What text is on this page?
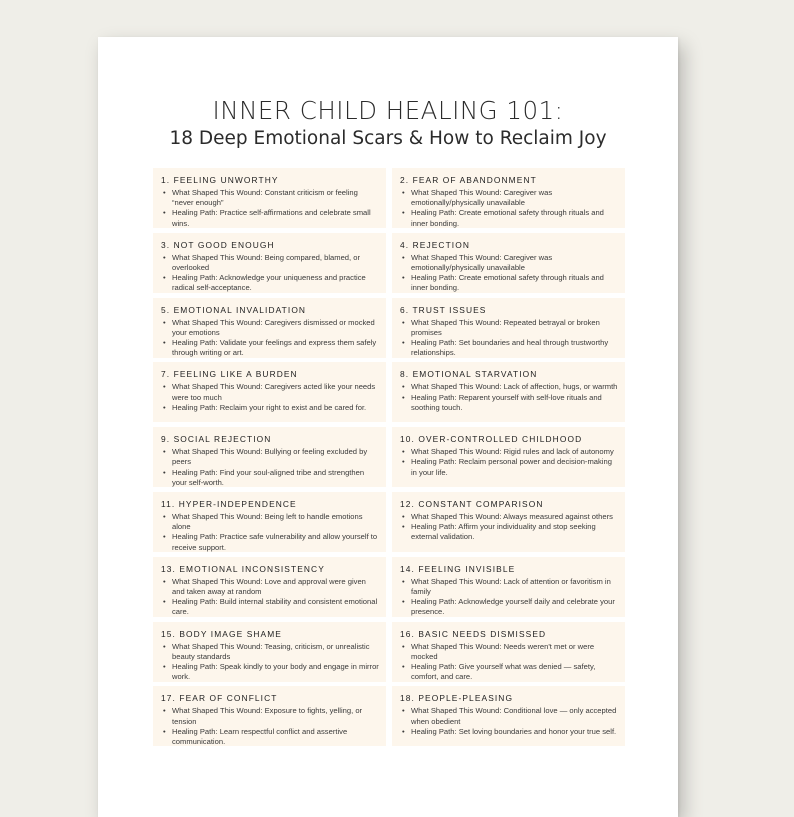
INNER CHILD HEALING 101:
18 Deep Emotional Scars & How to Reclaim Joy
1. FEELING UNWORTHY
• What Shaped This Wound: Constant criticism or feeling “never enough”
• Healing Path: Practice self-affirmations and celebrate small wins.
2. FEAR OF ABANDONMENT
• What Shaped This Wound: Caregiver was emotionally/physically unavailable
• Healing Path: Create emotional safety through rituals and inner bonding.
3. NOT GOOD ENOUGH
• What Shaped This Wound: Being compared, blamed, or overlooked
• Healing Path: Acknowledge your uniqueness and practice radical self-acceptance.
4. REJECTION
• What Shaped This Wound: Caregiver was emotionally/physically unavailable
• Healing Path: Create emotional safety through rituals and inner bonding.
5. EMOTIONAL INVALIDATION
• What Shaped This Wound: Caregivers dismissed or mocked your emotions
• Healing Path: Validate your feelings and express them safely through writing or art.
6. TRUST ISSUES
• What Shaped This Wound: Repeated betrayal or broken promises
• Healing Path: Set boundaries and heal through trustworthy relationships.
7. FEELING LIKE A BURDEN
• What Shaped This Wound: Caregivers acted like your needs were too much
• Healing Path: Reclaim your right to exist and be cared for.
8. EMOTIONAL STARVATION
• What Shaped This Wound: Lack of affection, hugs, or warmth
• Healing Path: Reparent yourself with self-love rituals and soothing touch.
9. SOCIAL REJECTION
• What Shaped This Wound: Bullying or feeling excluded by peers
• Healing Path: Find your soul-aligned tribe and strengthen your self-worth.
10. OVER-CONTROLLED CHILDHOOD
• What Shaped This Wound: Rigid rules and lack of autonomy
• Healing Path: Reclaim personal power and decision-making in your life.
11. HYPER-INDEPENDENCE
• What Shaped This Wound: Being left to handle emotions alone
• Healing Path: Practice safe vulnerability and allow yourself to receive support.
12. CONSTANT COMPARISON
• What Shaped This Wound: Always measured against others
• Healing Path: Affirm your individuality and stop seeking external validation.
13. EMOTIONAL INCONSISTENCY
• What Shaped This Wound: Love and approval were given and taken away at random
• Healing Path: Build internal stability and consistent emotional care.
14. FEELING INVISIBLE
• What Shaped This Wound: Lack of attention or favoritism in family
• Healing Path: Acknowledge yourself daily and celebrate your presence.
15. BODY IMAGE SHAME
• What Shaped This Wound: Teasing, criticism, or unrealistic beauty standards
• Healing Path: Speak kindly to your body and engage in mirror work.
16. BASIC NEEDS DISMISSED
• What Shaped This Wound: Needs weren't met or were mocked
• Healing Path: Give yourself what was denied — safety, comfort, and care.
17. FEAR OF CONFLICT
• What Shaped This Wound: Exposure to fights, yelling, or tension
• Healing Path: Learn respectful conflict and assertive communication.
18. PEOPLE-PLEASING
• What Shaped This Wound: Conditional love — only accepted when obedient
• Healing Path: Set loving boundaries and honor your true self.
